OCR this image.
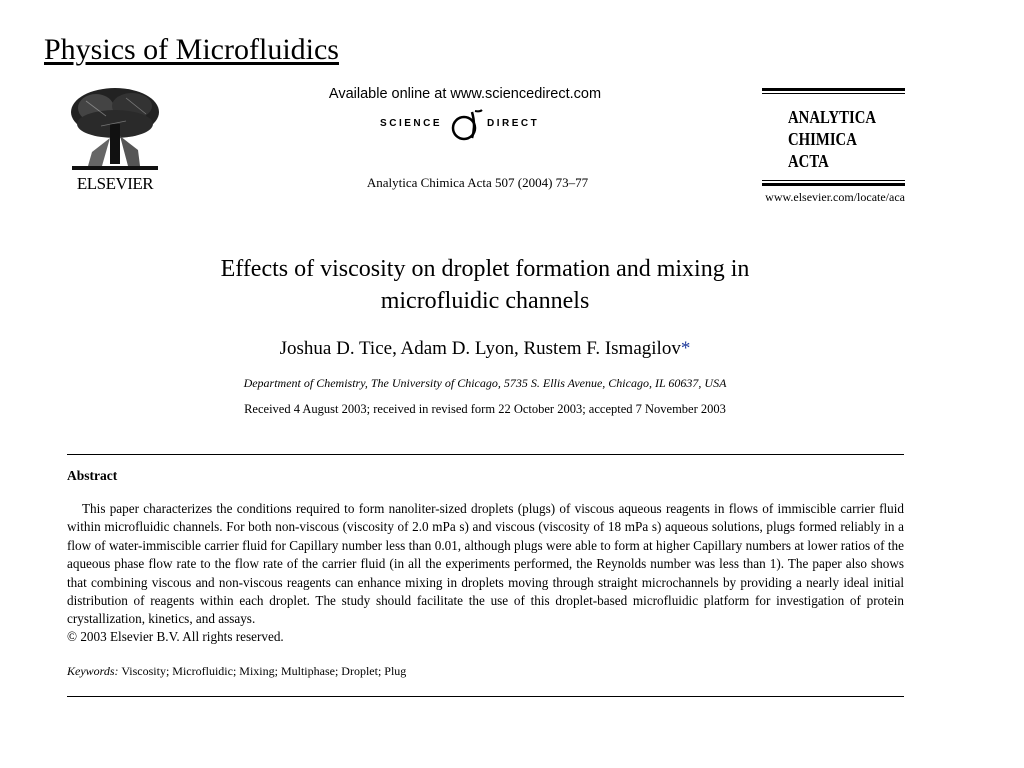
Physics of Microfluidics
ELSEVIER
Available online at www.sciencedirect.com
SCIENCE	DIRECT
Analytica Chimica Acta 507 (2004) 73–77
ANALYTICA
CHIMICA
ACTA
www.elsevier.com/locate/aca
Effects of viscosity on droplet formation and mixing in
microfluidic channels
Joshua D. Tice, Adam D. Lyon, Rustem F. Ismagilov*
Department of Chemistry, The University of Chicago, 5735 S. Ellis Avenue, Chicago, IL 60637, USA
Received 4 August 2003; received in revised form 22 October 2003; accepted 7 November 2003
Abstract

This paper characterizes the conditions required to form nanoliter-sized droplets (plugs) of viscous aqueous reagents in flows of immiscible carrier fluid within microfluidic channels. For both non-viscous (viscosity of 2.0 mPa s) and viscous (viscosity of 18 mPa s) aqueous solutions, plugs formed reliably in a flow of water-immiscible carrier fluid for Capillary number less than 0.01, although plugs were able to form at higher Capillary numbers at lower ratios of the aqueous phase flow rate to the flow rate of the carrier fluid (in all the experiments performed, the Reynolds number was less than 1). The paper also shows that combining viscous and non-viscous reagents can enhance mixing in droplets moving through straight microchannels by providing a nearly ideal initial distribution of reagents within each droplet. The study should facilitate the use of this droplet-based microfluidic platform for investigation of protein crystallization, kinetics, and assays.

© 2003 Elsevier B.V. All rights reserved.
Keywords: Viscosity; Microfluidic; Mixing; Multiphase; Droplet; Plug
